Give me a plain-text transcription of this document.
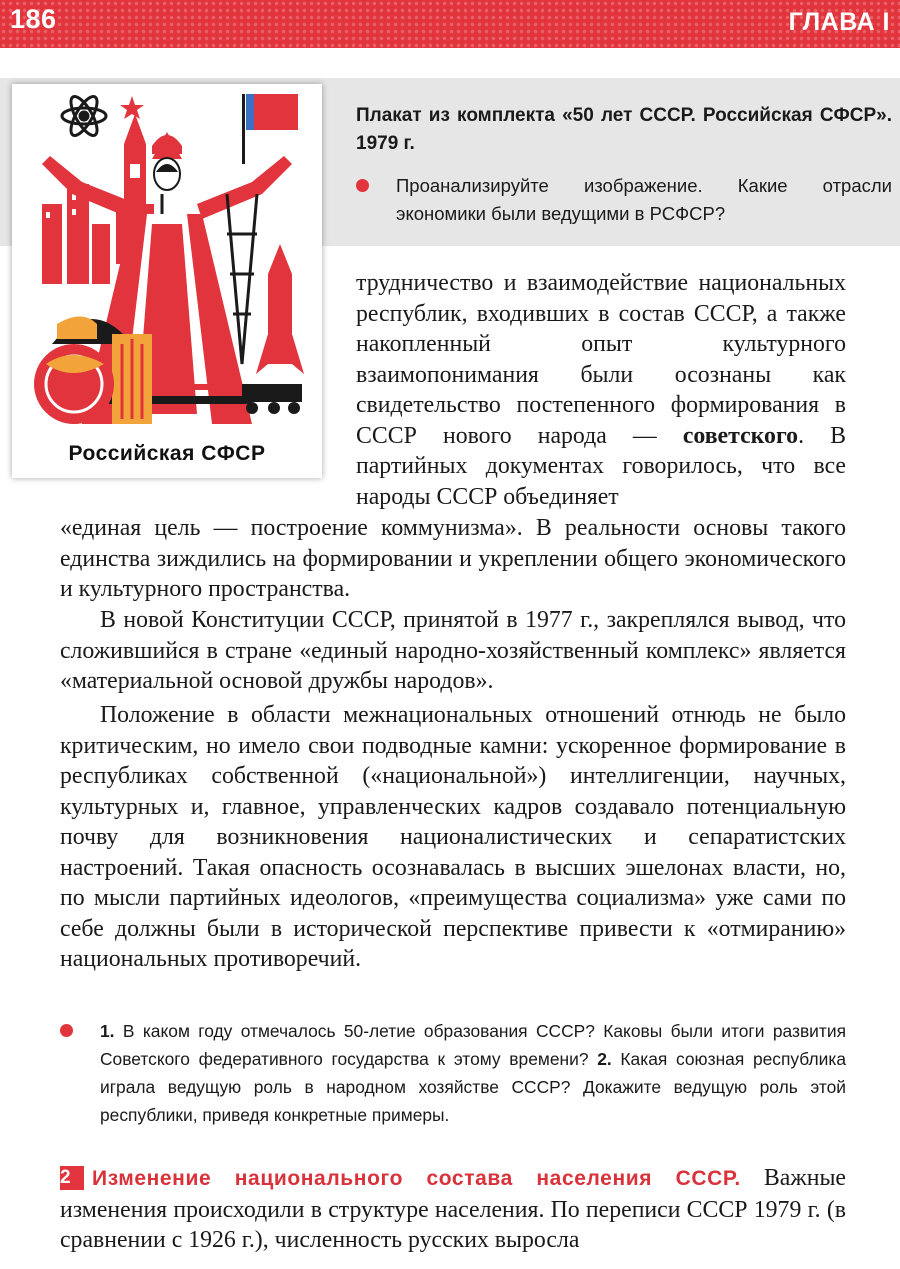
186	ГЛАВА I
Плакат из комплекта «50 лет СССР. Российская СФСР». 1979 г.
Проанализируйте изображение. Какие отрасли экономики были ведущими в РСФСР?
Российская СФСР

трудничество и взаимодействие национальных республик, входивших в состав СССР, а также накопленный опыт культурного взаимопонимания были осознаны как свидетельство постепенного формирования в СССР нового народа — советского. В партийных документах говорилось, что все народы СССР объединяет

«единая цель — построение коммунизма». В реальности основы такого единства зиждились на формировании и укреплении общего экономического и культурного пространства.

В новой Конституции СССР, принятой в 1977 г., закреплялся вывод, что сложившийся в стране «единый народно-хозяйственный комплекс» является «материальной основой дружбы народов».

Положение в области межнациональных отношений отнюдь не было критическим, но имело свои подводные камни: ускоренное формирование в республиках собственной («национальной») интеллигенции, научных, культурных и, главное, управленческих кадров создавало потенциальную почву для возникновения националистических и сепаратистских настроений. Такая опасность осознавалась в высших эшелонах власти, но, по мысли партийных идеологов, «преимущества социализма» уже сами по себе должны были в исторической перспективе привести к «отмиранию» национальных противоречий.

1. В каком году отмечалось 50-летие образования СССР? Каковы были итоги развития Советского федеративного государства к этому времени? 2. Какая союзная республика играла ведущую роль в народном хозяйстве СССР? Докажите ведущую роль этой республики, приведя конкретные примеры.
2 Изменение национального состава населения СССР. Важные изменения происходили в структуре населения. По переписи СССР 1979 г. (в сравнении с 1926 г.), численность русских выросла
